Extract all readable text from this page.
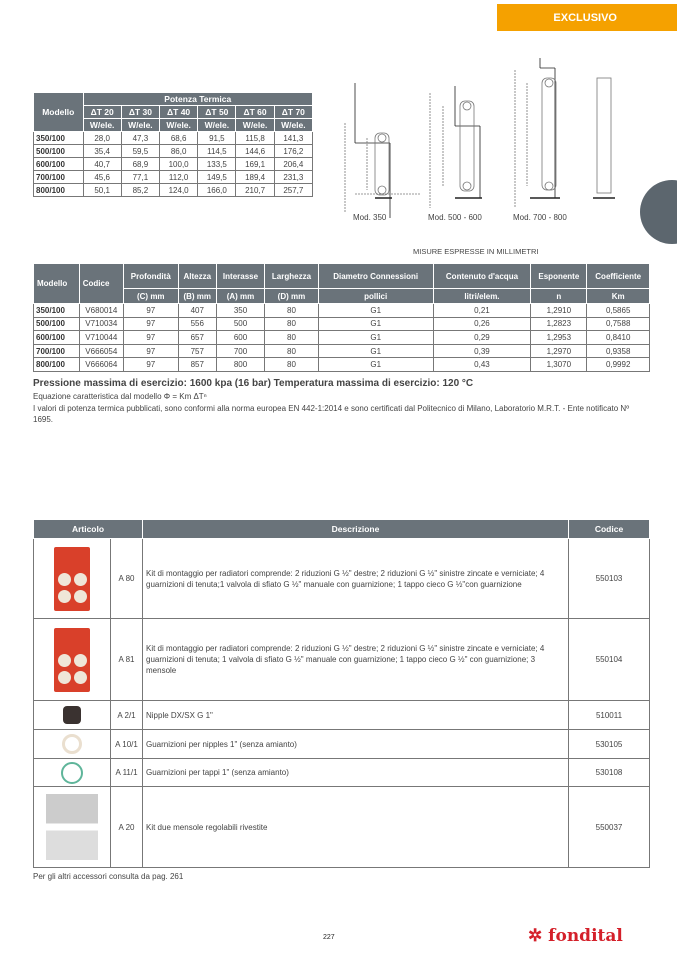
EXCLUSIVO
Modello	Potenza Termica					
	ΔT 20	ΔT 30	ΔT 40	ΔT 50	ΔT 60	ΔT 70
	W/ele.	W/ele.	W/ele.	W/ele.	W/ele.	W/ele.
350/100	28,0	47,3	68,6	91,5	115,8	141,3
500/100	35,4	59,5	86,0	114,5	144,6	176,2
600/100	40,7	68,9	100,0	133,5	169,1	206,4
700/100	45,6	77,1	112,0	149,5	189,4	231,3
800/100	50,1	85,2	124,0	166,0	210,7	257,7
Mod. 350	Mod. 500 - 600	Mod. 700 - 800
MISURE ESPRESSE IN MILLIMETRI
Modello	Codice	Profondità	Altezza	Interasse	Larghezza	Diametro Connessioni	Contenuto d'acqua	Esponente	Coefficiente
		(C) mm	(B) mm	(A) mm	(D) mm	pollici	litri/elem.	n	Km
350/100	V680014	97	407	350	80	G1	0,21	1,2910	0,5865
500/100	V710034	97	556	500	80	G1	0,26	1,2823	0,7588
600/100	V710044	97	657	600	80	G1	0,29	1,2953	0,8410
700/100	V666054	97	757	700	80	G1	0,39	1,2970	0,9358
800/100	V666064	97	857	800	80	G1	0,43	1,3070	0,9992
Pressione massima di esercizio: 1600 kpa (16 bar) Temperatura massima di esercizio: 120 °C
Equazione caratteristica dal modello Φ = Km ΔTⁿ
I valori di potenza termica pubblicati, sono conformi alla norma europea EN 442-1:2014 e sono certificati dal Politecnico di Milano, Laboratorio M.R.T. - Ente notificato Nº 1695.
Articolo		Descrizione	Codice

	A 80	Kit di montaggio per radiatori comprende: 2 riduzioni G ½" destre; 2 riduzioni G ½" sinistre zincate e verniciate; 4 guarnizioni di tenuta;1 valvola di sfiato G ½" manuale con guarnizione; 1 tappo cieco G ½"con guarnizione	550103

	A 81	Kit di montaggio per radiatori comprende: 2 riduzioni G ½" destre; 2 riduzioni G ½" sinistre zincate e verniciate; 4 guarnizioni di tenuta; 1 valvola di sfiato G ½" manuale con guarnizione; 1 tappo cieco G ½" con guarnizione; 3 mensole	550104

	A 2/1	Nipple DX/SX G 1"	510011

	A 10/1	Guarnizioni per nipples 1" (senza amianto)	530105

	A 11/1	Guarnizioni per tappi 1" (senza amianto)	530108

	A 20	Kit due mensole regolabili rivestite	550037
Per gli altri accessori consulta da pag. 261
227	✲ fondital
